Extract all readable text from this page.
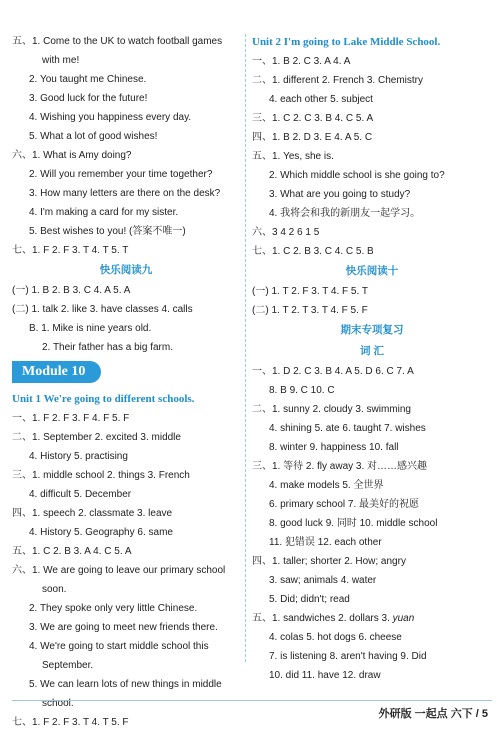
五、1. Come to the UK to watch football games
with me!
2. You taught me Chinese.
3. Good luck for the future!
4. Wishing you happiness every day.
5. What a lot of good wishes!
六、1. What is Amy doing?
2. Will you remember your time together?
3. How many letters are there on the desk?
4. I'm making a card for my sister.
5. Best wishes to you! (答案不唯一)
七、1. F 2. F 3. T 4. T 5. T
快乐阅读九
(一) 1. B 2. B 3. C 4. A 5. A
(二) 1. talk 2. like 3. have classes 4. calls
B. 1. Mike is nine years old.
2. Their father has a big farm.
Module 10
Unit 1 We're going to different schools.
一、1. F 2. F 3. F 4. F 5. F
二、1. September 2. excited 3. middle
4. History 5. practising
三、1. middle school 2. things 3. French
4. difficult 5. December
四、1. speech 2. classmate 3. leave
4. History 5. Geography 6. same
五、1. C 2. B 3. A 4. C 5. A
六、1. We are going to leave our primary school
soon.
2. They spoke only very little Chinese.
3. We are going to meet new friends there.
4. We're going to start middle school this
September.
5. We can learn lots of new things in middle
school.
七、1. F 2. F 3. T 4. T 5. F
Unit 2 I'm going to Lake Middle School.
一、1. B 2. C 3. A 4. A
二、1. different 2. French 3. Chemistry
4. each other 5. subject
三、1. C 2. C 3. B 4. C 5. A
四、1. B 2. D 3. E 4. A 5. C
五、1. Yes, she is.
2. Which middle school is she going to?
3. What are you going to study?
4. 我将会和我的新朋友一起学习。
六、3 4 2 6 1 5
七、1. C 2. B 3. C 4. C 5. B
快乐阅读十
(一) 1. T 2. F 3. T 4. F 5. T
(二) 1. T 2. T 3. T 4. F 5. F
期末专项复习
词 汇
一、1. D 2. C 3. B 4. A 5. D 6. C 7. A
8. B 9. C 10. C
二、1. sunny 2. cloudy 3. swimming
4. shining 5. ate 6. taught 7. wishes
8. winter 9. happiness 10. fall
三、1. 等待 2. fly away 3. 对……感兴趣
4. make models 5. 全世界
6. primary school 7. 最美好的祝愿
8. good luck 9. 同时 10. middle school
11. 犯错误 12. each other
四、1. taller; shorter 2. How; angry
3. saw; animals 4. water
5. Did; didn't; read
五、1. sandwiches 2. dollars 3. yuan
4. colas 5. hot dogs 6. cheese
7. is listening 8. aren't having 9. Did
10. did 11. have 12. draw
外研版 一起点 六下 / 5
